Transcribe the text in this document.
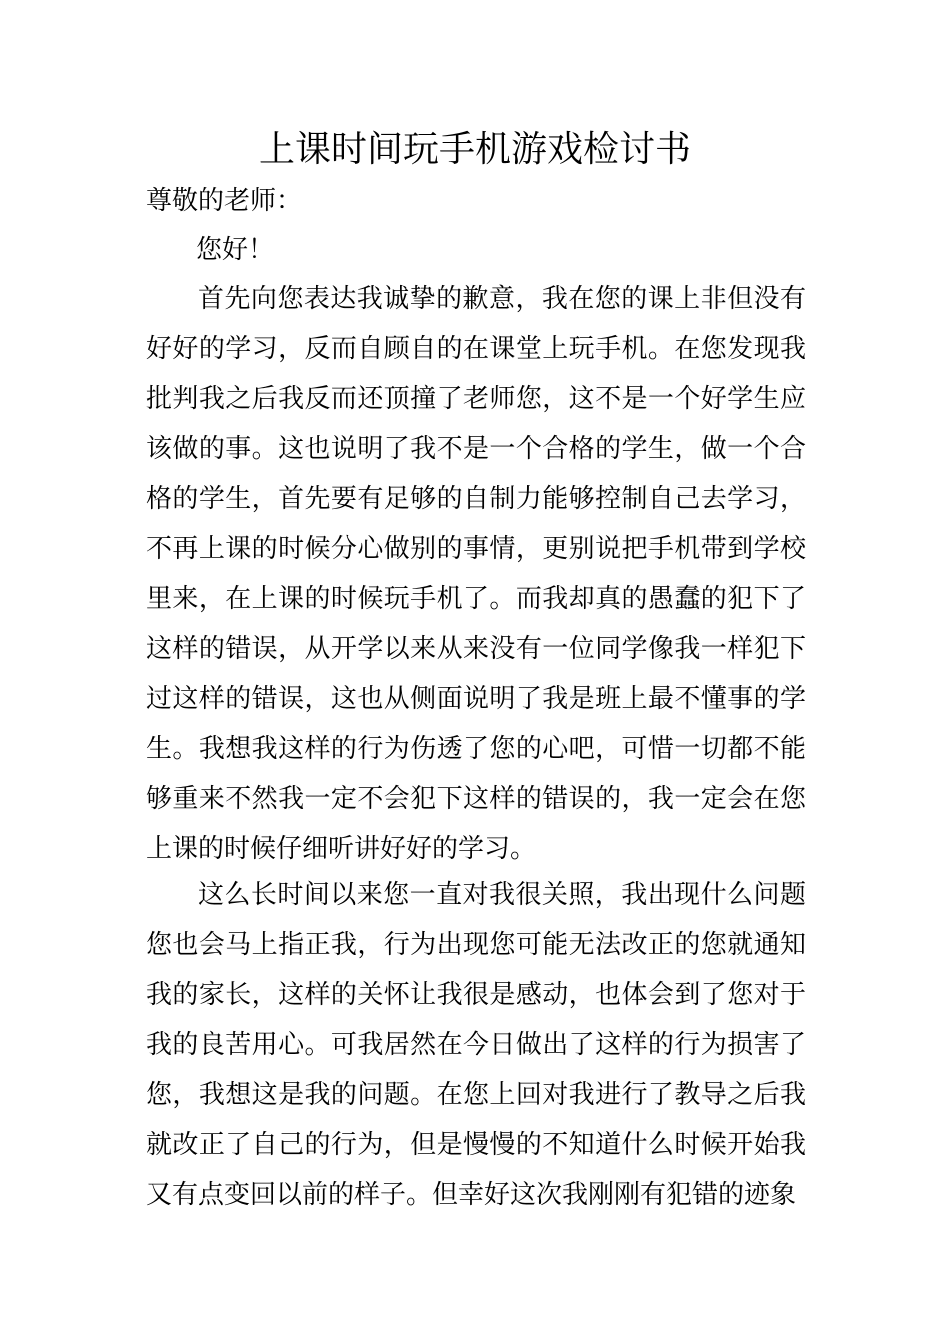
上课时间玩手机游戏检讨书

尊敬的老师：

您好！

首先向您表达我诚挚的歉意，我在您的课上非但没有好好的学习，反而自顾自的在课堂上玩手机。在您发现我批判我之后我反而还顶撞了老师您，这不是一个好学生应该做的事。这也说明了我不是一个合格的学生，做一个合格的学生，首先要有足够的自制力能够控制自己去学习，不再上课的时候分心做别的事情，更别说把手机带到学校里来，在上课的时候玩手机了。而我却真的愚蠢的犯下了这样的错误，从开学以来从来没有一位同学像我一样犯下过这样的错误，这也从侧面说明了我是班上最不懂事的学生。我想我这样的行为伤透了您的心吧，可惜一切都不能够重来不然我一定不会犯下这样的错误的，我一定会在您上课的时候仔细听讲好好的学习。

这么长时间以来您一直对我很关照，我出现什么问题您也会马上指正我，行为出现您可能无法改正的您就通知我的家长，这样的关怀让我很是感动，也体会到了您对于我的良苦用心。可我居然在今日做出了这样的行为损害了您，我想这是我的问题。在您上回对我进行了教导之后我就改正了自己的行为，但是慢慢的不知道什么时候开始我又有点变回以前的样子。但幸好这次我刚刚有犯错的迹象
